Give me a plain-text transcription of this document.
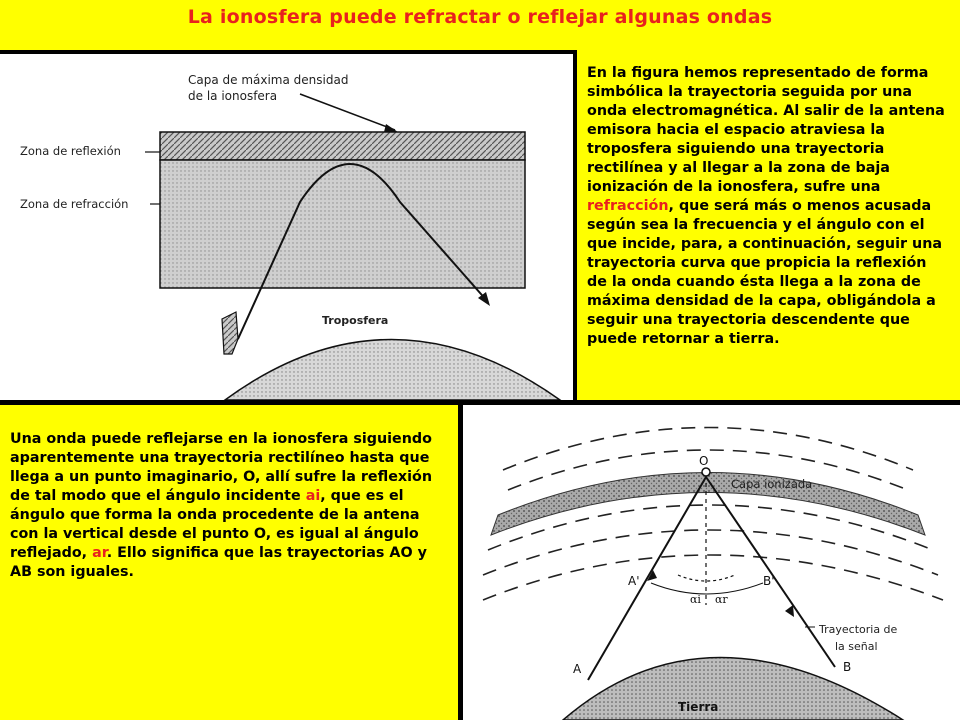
La ionosfera puede refractar o reflejar algunas ondas
Capa de máxima densidad
de la ionosfera
Zona de reflexión
Zona de refracción
Troposfera
En la figura hemos representado de forma simbólica la trayectoria seguida por una onda electromagnética. Al salir de la antena emisora hacia el espacio atraviesa la troposfera siguiendo una trayectoria rectilínea y al llegar a la zona de baja ionización de la ionosfera, sufre una refracción, que será más o menos acusada según sea la frecuencia y el ángulo con el que incide, para, a continuación, seguir una trayectoria curva que propicia la reflexión de la onda cuando ésta llega a la zona de máxima densidad de la capa, obligándola a seguir una trayectoria descendente que puede retornar a tierra.
Una onda puede reflejarse en la ionosfera siguiendo aparentemente una trayectoria rectilíneo hasta que llega a un punto imaginario, O, allí sufre la reflexión de tal modo que el ángulo incidente ai, que es el ángulo que forma la onda procedente de la antena con la vertical desde el punto O, es igual al ángulo reflejado, ar. Ello significa que las trayectorias AO y AB son iguales.
O
Capa ionizada
A'	B'
αi αr
A	B
Trayectoria de
la señal
Tierra
